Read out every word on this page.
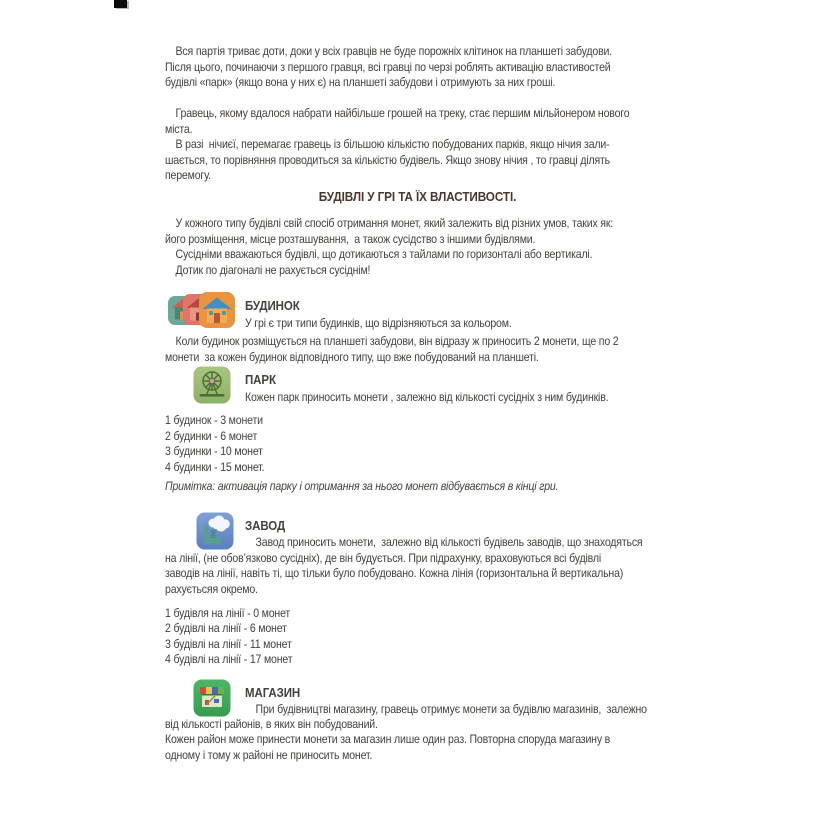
Вся партія триває доти, доки у всіх гравців не буде порожніх клітинок на планшеті забудови.
Після цього, починаючи з першого гравця, всі гравці по черзі роблять активацію властивостей
будівлі «парк» (якщо вона у них є) на планшеті забудови і отримують за них гроші.
Гравець, якому вдалося набрати найбільше грошей на треку, стає першим мільйонером нового
міста.
В разі  нічиєї, перемагає гравець із більшою кількістю побудованих парків, якщо нічия зали-
шається, то порівняння проводиться за кількістю будівель. Якщо знову нічия , то гравці ділять
перемогу.
БУДІВЛІ У ГРІ ТА ЇХ ВЛАСТИВОСТІ.
У кожного типу будівлі свій спосіб отримання монет, який залежить від різних умов, таких як:
його розміщення, місце розташування,  а також сусідство з іншими будівлями.
Сусідніми вважаються будівлі, що дотикаються з тайлами по горизонталі або вертикалі.
Дотик по діагоналі не рахується сусіднім!
БУДИНОК
У грі є три типи будинків, що відрізняються за кольором.
Коли будинок розміщується на планшеті забудови, він відразу ж приносить 2 монети, ще по 2
монети  за кожен будинок відповідного типу, що вже побудований на планшеті.
ПАРК
Кожен парк приносить монети , залежно від кількості сусідніх з ним будинків.
1 будинок - 3 монети
2 будинки - 6 монет
3 будинки - 10 монет
4 будинки - 15 монет.
Примітка: активація парку і отримання за нього монет відбувається в кінці гри.
ЗАВОД
Завод приносить монети,  залежно від кількості будівель заводів, що знаходяться
на лінії, (не обов’язково сусідніх), де він будується. При підрахунку, враховуються всі будівлі
заводів на лінії, навіть ті, що тільки було побудовано. Кожна лінія (горизонтальна й вертикальна)
рахуєтьсяя окремо.
1 будівля на лінії - 0 монет
2 будівлі на лінії - 6 монет
3 будівлі на лінії - 11 монет
4 будівлі на лінії - 17 монет
МАГАЗИН
При будівництві магазину, гравець отримує монети за будівлю магазинів,  залежно
від кількості районів, в яких він побудований.
Кожен район може принести монети за магазин лише один раз. Повторна споруда магазину в
одному і тому ж районі не приносить монет.
